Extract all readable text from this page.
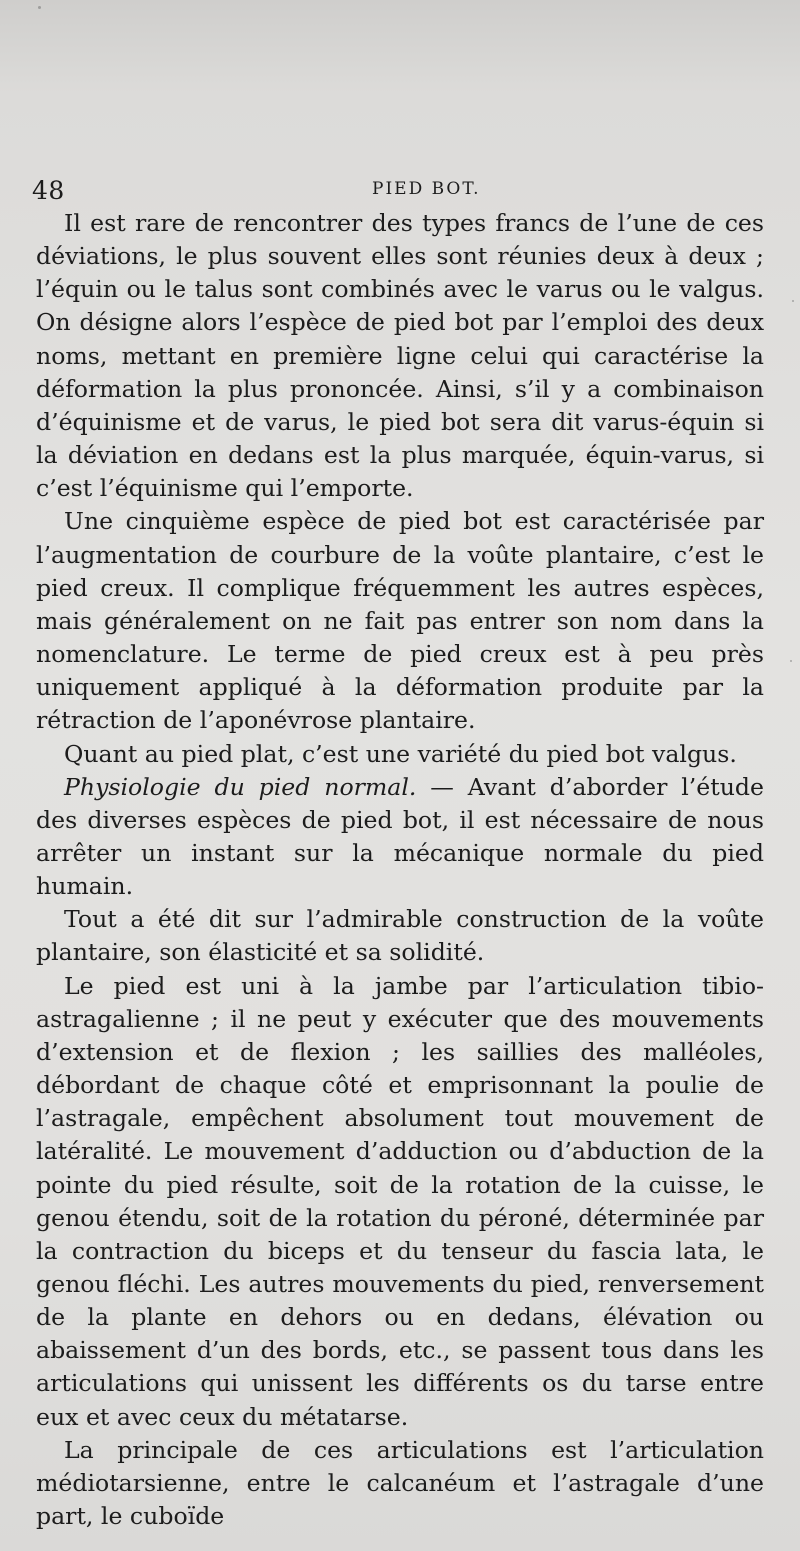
48	PIED BOT.

Il est rare de rencontrer des types francs de l’une de ces déviations, le plus souvent elles sont réunies deux à deux ; l’équin ou le talus sont combinés avec le varus ou le valgus. On désigne alors l’espèce de pied bot par l’emploi des deux noms, mettant en première ligne celui qui caractérise la déformation la plus prononcée. Ainsi, s’il y a combinaison d’équinisme et de varus, le pied bot sera dit varus-équin si la déviation en dedans est la plus marquée, équin-varus, si c’est l’équinisme qui l’emporte.

Une cinquième espèce de pied bot est caractérisée par l’augmentation de courbure de la voûte plantaire, c’est le pied creux. Il complique fréquemment les autres espèces, mais généralement on ne fait pas entrer son nom dans la nomenclature. Le terme de pied creux est à peu près uniquement appliqué à la déformation produite par la rétraction de l’aponévrose plantaire.

Quant au pied plat, c’est une variété du pied bot valgus.

Physiologie du pied normal. — Avant d’aborder l’étude des diverses espèces de pied bot, il est nécessaire de nous arrêter un instant sur la mécanique normale du pied humain.

Tout a été dit sur l’admirable construction de la voûte plantaire, son élasticité et sa solidité.

Le pied est uni à la jambe par l’articulation tibio-astragalienne ; il ne peut y exécuter que des mouvements d’extension et de flexion ; les saillies des malléoles, débordant de chaque côté et emprisonnant la poulie de l’astragale, empêchent absolument tout mouvement de latéralité. Le mouvement d’adduction ou d’abduction de la pointe du pied résulte, soit de la rotation de la cuisse, le genou étendu, soit de la rotation du péroné, déterminée par la contraction du biceps et du tenseur du fascia lata, le genou fléchi. Les autres mouvements du pied, renversement de la plante en dehors ou en dedans, élévation ou abaissement d’un des bords, etc., se passent tous dans les articulations qui unissent les différents os du tarse entre eux et avec ceux du métatarse.

La principale de ces articulations est l’articulation médiotarsienne, entre le calcanéum et l’astragale d’une part, le cuboïde
